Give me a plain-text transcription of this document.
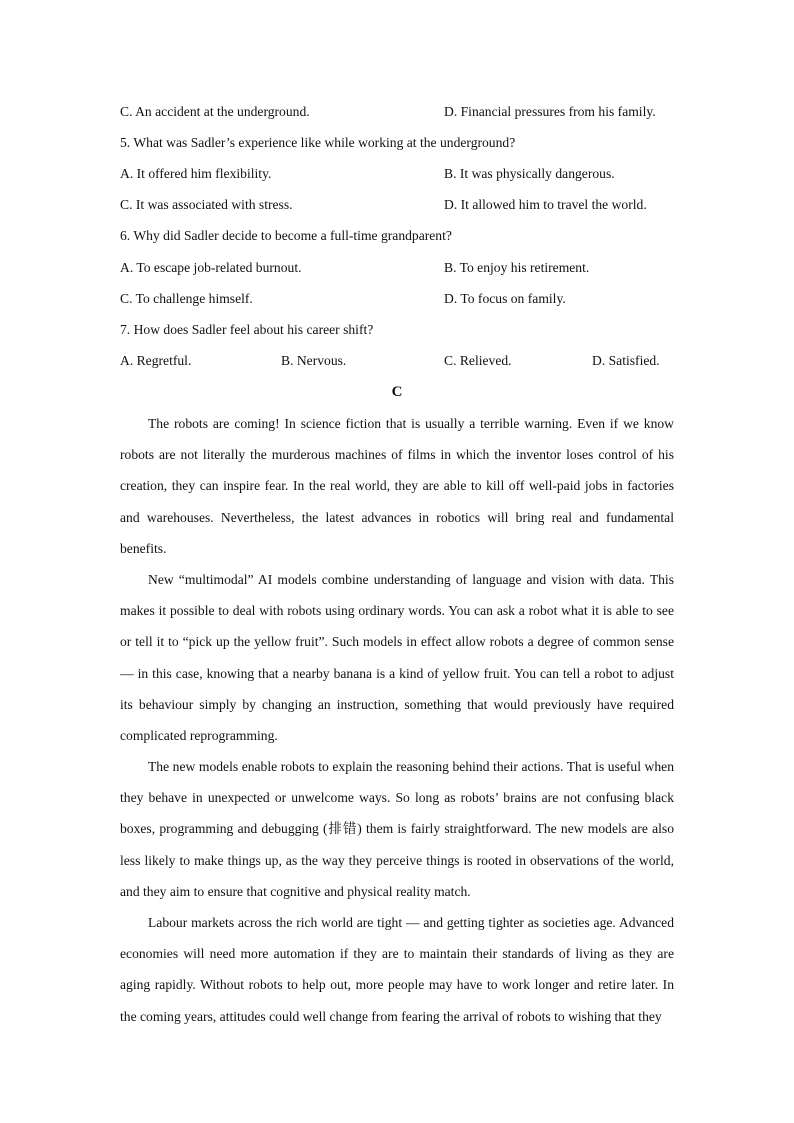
C. An accident at the underground.	D. Financial pressures from his family.
5. What was Sadler’s experience like while working at the underground?
A. It offered him flexibility.	B. It was physically dangerous.
C. It was associated with stress.	D. It allowed him to travel the world.
6. Why did Sadler decide to become a full-time grandparent?
A. To escape job-related burnout.	B. To enjoy his retirement.
C. To challenge himself.	D. To focus on family.
7. How does Sadler feel about his career shift?
A. Regretful.	B. Nervous.	C. Relieved.	D. Satisfied.
C

The robots are coming! In science fiction that is usually a terrible warning. Even if we know robots are not literally the murderous machines of films in which the inventor loses control of his creation, they can inspire fear. In the real world, they are able to kill off well-paid jobs in factories and warehouses. Nevertheless, the latest advances in robotics will bring real and fundamental benefits.

New “multimodal” AI models combine understanding of language and vision with data. This makes it possible to deal with robots using ordinary words. You can ask a robot what it is able to see or tell it to “pick up the yellow fruit”. Such models in effect allow robots a degree of common sense — in this case, knowing that a nearby banana is a kind of yellow fruit. You can tell a robot to adjust its behaviour simply by changing an instruction, something that would previously have required complicated reprogramming.

The new models enable robots to explain the reasoning behind their actions. That is useful when they behave in unexpected or unwelcome ways. So long as robots’ brains are not confusing black boxes, programming and debugging (排错) them is fairly straightforward. The new models are also less likely to make things up, as the way they perceive things is rooted in observations of the world, and they aim to ensure that cognitive and physical reality match.

Labour markets across the rich world are tight — and getting tighter as societies age. Advanced economies will need more automation if they are to maintain their standards of living as they are aging rapidly. Without robots to help out, more people may have to work longer and retire later. In the coming years, attitudes could well change from fearing the arrival of robots to wishing that they
